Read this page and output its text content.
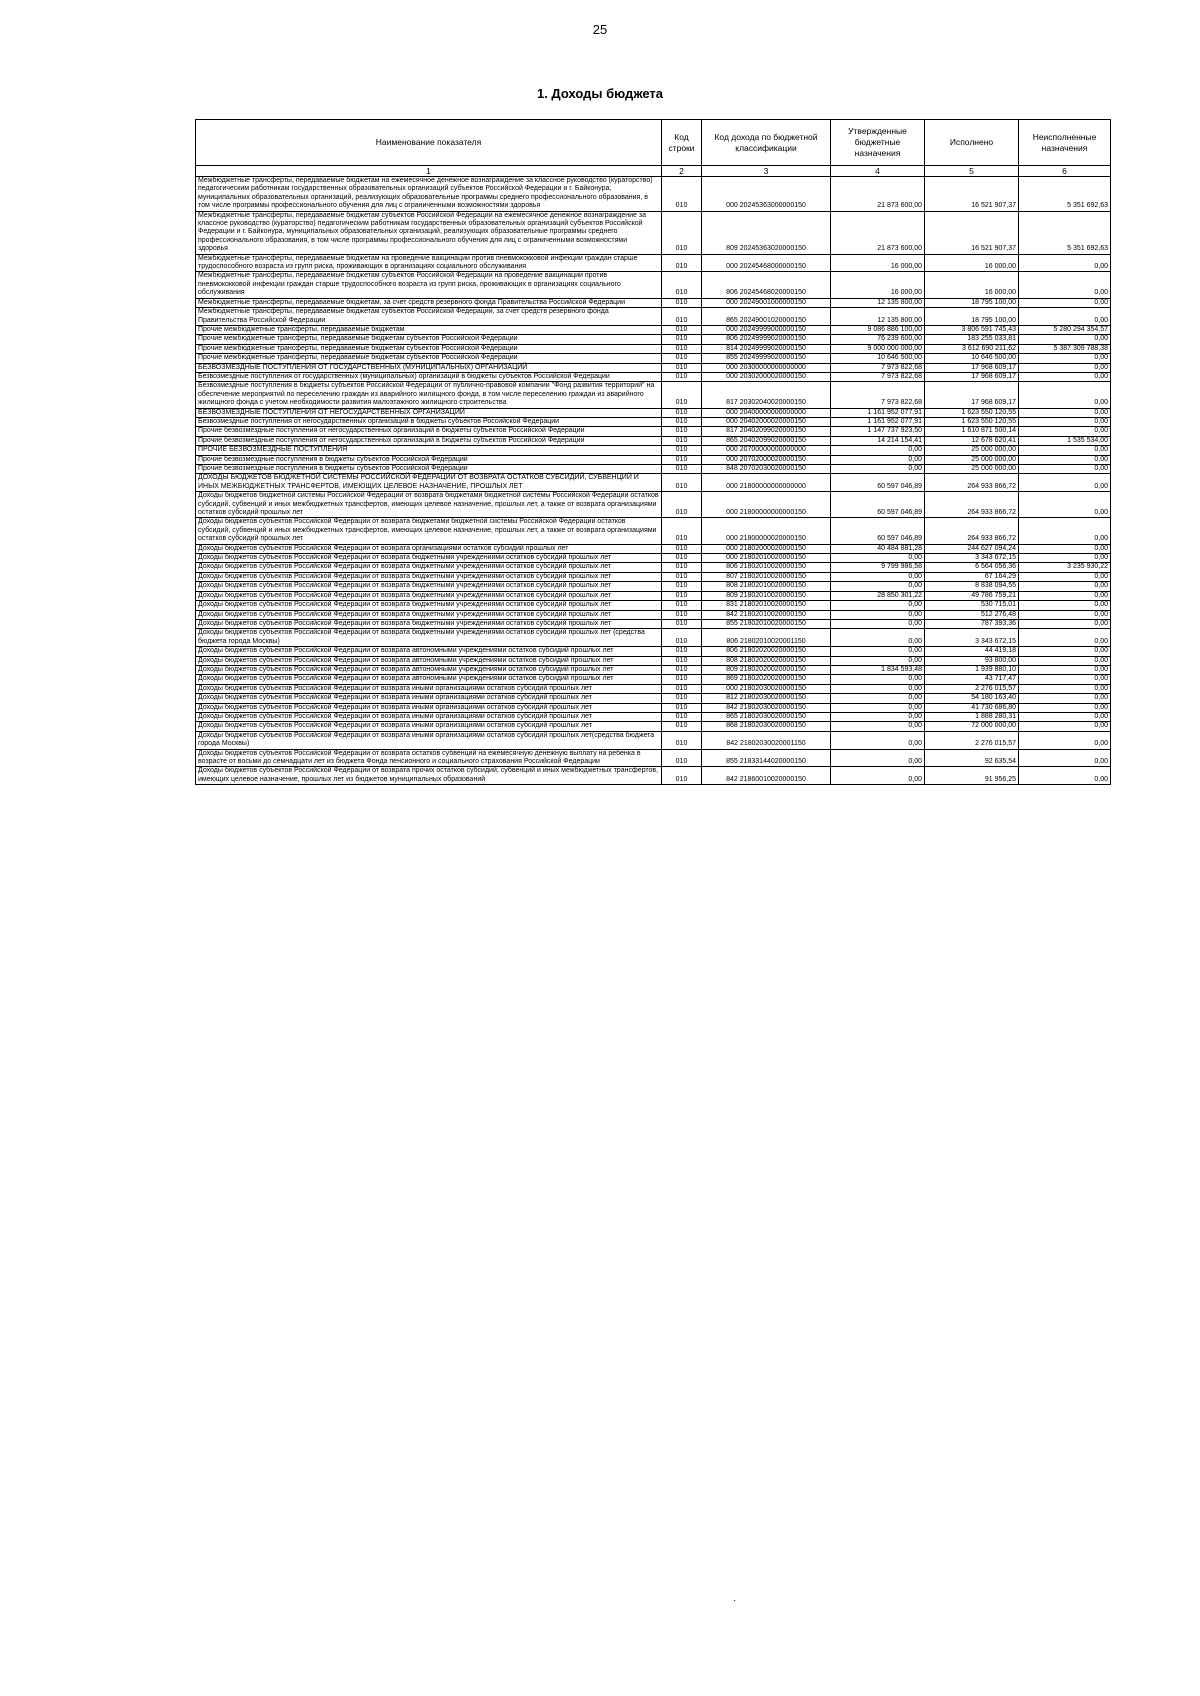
25
1. Доходы бюджета
Наименование показателя	Код строки	Код дохода по бюджетной классификации	Утвержденные бюджетные назначения	Исполнено	Неисполненные назначения
1	2	3	4	5	6
Межбюджетные трансферты, передаваемые бюджетам на ежемесячное денежное вознаграждение за классное руководство (кураторство) педагогическим работникам государственных образовательных организаций субъектов Российской Федерации и г. Байконура, муниципальных образовательных организаций, реализующих образовательные программы среднего профессионального образования, в том числе программы профессионального обучения для лиц с ограниченными возможностями здоровья	010	000 20245363000000150	21 873 600,00	16 521 907,37	5 351 692,63
Межбюджетные трансферты, передаваемые бюджетам субъектов Российской Федерации на ежемесячное денежное вознаграждение за классное руководство (кураторство) педагогическим работникам государственных образовательных организаций субъектов Российской Федерации и г. Байконура, муниципальных образовательных организаций, реализующих образовательные программы среднего профессионального образования, в том числе программы профессионального обучения для лиц с ограниченными возможностями здоровья	010	809 20245363020000150	21 873 600,00	16 521 907,37	5 351 692,63
Межбюджетные трансферты, передаваемые бюджетам на проведение вакцинации против пневмококковой инфекции граждан старше трудоспособного возраста из групп риска, проживающих в организациях социального обслуживания	010	000 20245468000000150	16 000,00	16 000,00	0,00
Межбюджетные трансферты, передаваемые бюджетам субъектов Российской Федерации на проведение вакцинации против пневмококковой инфекции граждан старше трудоспособного возраста из групп риска, проживающих в организациях социального обслуживания	010	806 20245468020000150	16 000,00	16 000,00	0,00
Межбюджетные трансферты, передаваемые бюджетам, за счет средств резервного фонда Правительства Российской Федерации	010	000 20249001000000150	12 135 800,00	18 795 100,00	0,00
Межбюджетные трансферты, передаваемые бюджетам субъектов Российской Федерации, за счет средств резервного фонда Правительства Российской Федерации	010	865 20249001020000150	12 135 800,00	18 795 100,00	0,00
Прочие межбюджетные трансферты, передаваемые бюджетам	010	000 20249999000000150	9 086 886 100,00	3 806 591 745,43	5 280 294 354,57
Прочие межбюджетные трансферты, передаваемые бюджетам субъектов Российской Федерации	010	806 20249999020000150	76 239 600,00	183 255 033,81	0,00
Прочие межбюджетные трансферты, передаваемые бюджетам субъектов Российской Федерации	010	814 20249999020000150	9 000 000 000,00	3 612 690 211,62	5 387 309 788,38
Прочие межбюджетные трансферты, передаваемые бюджетам субъектов Российской Федерации	010	855 20249999020000150	10 646 500,00	10 646 500,00	0,00
БЕЗВОЗМЕЗДНЫЕ ПОСТУПЛЕНИЯ ОТ ГОСУДАРСТВЕННЫХ (МУНИЦИПАЛЬНЫХ) ОРГАНИЗАЦИЙ	010	000 20300000000000000	7 973 822,68	17 968 609,17	0,00
Безвозмездные поступления от государственных (муниципальных) организаций в бюджеты субъектов Российской Федерации	010	000 20302000020000150	7 973 822,68	17 968 609,17	0,00
Безвозмездные поступления в бюджеты субъектов Российской Федерации от публично-правовой компании "Фонд развития территорий" на обеспечение мероприятий по переселению граждан из аварийного жилищного фонда, в том числе переселению граждан из аварийного жилищного фонда с учетом необходимости развития малоэтажного жилищного строительства	010	817 20302040020000150	7 973 822,68	17 968 609,17	0,00
БЕЗВОЗМЕЗДНЫЕ ПОСТУПЛЕНИЯ ОТ НЕГОСУДАРСТВЕННЫХ ОРГАНИЗАЦИЙ	010	000 20400000000000000	1 161 952 077,91	1 623 550 120,55	0,00
Безвозмездные поступления от негосударственных организаций в бюджеты субъектов Российской Федерации	010	000 20402000020000150	1 161 952 077,91	1 623 550 120,55	0,00
Прочие безвозмездные поступления от негосударственных организаций в бюджеты субъектов Российской Федерации	010	817 20402099020000150	1 147 737 923,50	1 610 871 500,14	0,00
Прочие безвозмездные поступления от негосударственных организаций в бюджеты субъектов Российской Федерации	010	865 20402099020000150	14 214 154,41	12 678 620,41	1 535 534,00
ПРОЧИЕ БЕЗВОЗМЕЗДНЫЕ ПОСТУПЛЕНИЯ	010	000 20700000000000000	0,00	25 000 000,00	0,00
Прочие безвозмездные поступления в бюджеты субъектов Российской Федерации	010	000 20702000020000150	0,00	25 000 000,00	0,00
Прочие безвозмездные поступления в бюджеты субъектов Российской Федерации	010	848 20702030020000150	0,00	25 000 000,00	0,00
ДОХОДЫ БЮДЖЕТОВ БЮДЖЕТНОЙ СИСТЕМЫ РОССИЙСКОЙ ФЕДЕРАЦИИ ОТ ВОЗВРАТА ОСТАТКОВ СУБСИДИЙ, СУБВЕНЦИЙ И ИНЫХ МЕЖБЮДЖЕТНЫХ ТРАНСФЕРТОВ, ИМЕЮЩИХ ЦЕЛЕВОЕ НАЗНАЧЕНИЕ, ПРОШЛЫХ ЛЕТ	010	000 21800000000000000	60 597 046,89	264 933 866,72	0,00
Доходы бюджетов бюджетной системы Российской Федерации от возврата бюджетами бюджетной системы Российской Федерации остатков субсидий, субвенций и иных межбюджетных трансфертов, имеющих целевое назначение, прошлых лет, а также от возврата организациями остатков субсидий прошлых лет	010	000 21800000000000150	60 597 046,89	264 933 866,72	0,00
Доходы бюджетов субъектов Российской Федерации от возврата бюджетами бюджетной системы Российской Федерации остатков субсидий, субвенций и иных межбюджетных трансфертов, имеющих целевое назначение, прошлых лет, а также от возврата организациями остатков субсидий прошлых лет	010	000 21800000020000150	60 597 046,89	264 933 866,72	0,00
Доходы бюджетов субъектов Российской Федерации от возврата организациями остатков субсидий прошлых лет	010	000 21802000020000150	40 484 881,28	244 627 094,24	0,00
Доходы бюджетов субъектов Российской Федерации от возврата бюджетными учреждениями остатков субсидий прошлых лет	010	000 21802010020000150	0,00	3 343 672,15	0,00
Доходы бюджетов субъектов Российской Федерации от возврата бюджетными учреждениями остатков субсидий прошлых лет	010	806 21802010020000150	9 799 986,58	6 564 056,36	3 235 930,22
Доходы бюджетов субъектов Российской Федерации от возврата бюджетными учреждениями остатков субсидий прошлых лет	010	807 21802010020000150	0,00	67 164,29	0,00
Доходы бюджетов субъектов Российской Федерации от возврата бюджетными учреждениями остатков субсидий прошлых лет	010	808 21802010020000150	0,00	8 838 094,55	0,00
Доходы бюджетов субъектов Российской Федерации от возврата бюджетными учреждениями остатков субсидий прошлых лет	010	809 21802010020000150	28 850 301,22	49 786 759,21	0,00
Доходы бюджетов субъектов Российской Федерации от возврата бюджетными учреждениями остатков субсидий прошлых лет	010	831 21802010020000150	0,00	530 715,01	0,00
Доходы бюджетов субъектов Российской Федерации от возврата бюджетными учреждениями остатков субсидий прошлых лет	010	842 21802010020000150	0,00	512 276,48	0,00
Доходы бюджетов субъектов Российской Федерации от возврата бюджетными учреждениями остатков субсидий прошлых лет	010	855 21802010020000150	0,00	787 393,36	0,00
Доходы бюджетов субъектов Российской Федерации от возврата бюджетными учреждениями остатков субсидий прошлых лет (средства бюджета города Москвы)	010	806 21802010020001150	0,00	3 343 672,15	0,00
Доходы бюджетов субъектов Российской Федерации от возврата автономными учреждениями остатков субсидий прошлых лет	010	806 21802020020000150	0,00	44 419,18	0,00
Доходы бюджетов субъектов Российской Федерации от возврата автономными учреждениями остатков субсидий прошлых лет	010	808 21802020020000150	0,00	93 800,00	0,00
Доходы бюджетов субъектов Российской Федерации от возврата автономными учреждениями остатков субсидий прошлых лет	010	809 21802020020000150	1 834 593,48	1 939 880,10	0,00
Доходы бюджетов субъектов Российской Федерации от возврата автономными учреждениями остатков субсидий прошлых лет	010	869 21802020020000150	0,00	43 717,47	0,00
Доходы бюджетов субъектов Российской Федерации от возврата иными организациями остатков субсидий прошлых лет	010	000 21802030020000150	0,00	2 276 015,57	0,00
Доходы бюджетов субъектов Российской Федерации от возврата иными организациями остатков субсидий прошлых лет	010	812 21802030020000150	0,00	54 180 163,40	0,00
Доходы бюджетов субъектов Российской Федерации от возврата иными организациями остатков субсидий прошлых лет	010	842 21802030020000150	0,00	41 730 686,80	0,00
Доходы бюджетов субъектов Российской Федерации от возврата иными организациями остатков субсидий прошлых лет	010	865 21802030020000150	0,00	1 888 280,31	0,00
Доходы бюджетов субъектов Российской Федерации от возврата иными организациями остатков субсидий прошлых лет	010	868 21802030020000150	0,00	72 000 000,00	0,00
Доходы бюджетов субъектов Российской Федерации от возврата иными организациями остатков субсидий прошлых лет(средства бюджета города Москвы)	010	842 21802030020001150	0,00	2 276 015,57	0,00
Доходы бюджетов субъектов Российской Федерации от возврата остатков субвенций на ежемесячную денежную выплату на ребенка в возрасте от восьми до семнадцати лет из бюджета Фонда пенсионного и социального страхования Российской Федерации	010	855 21833144020000150	0,00	92 635,54	0,00
Доходы бюджетов субъектов Российской Федерации от возврата прочих остатков субсидий, субвенций и иных межбюджетных трансфертов, имеющих целевое назначение, прошлых лет из бюджетов муниципальных образований	010	842 21860010020000150	0,00	91 956,25	0,00
·
